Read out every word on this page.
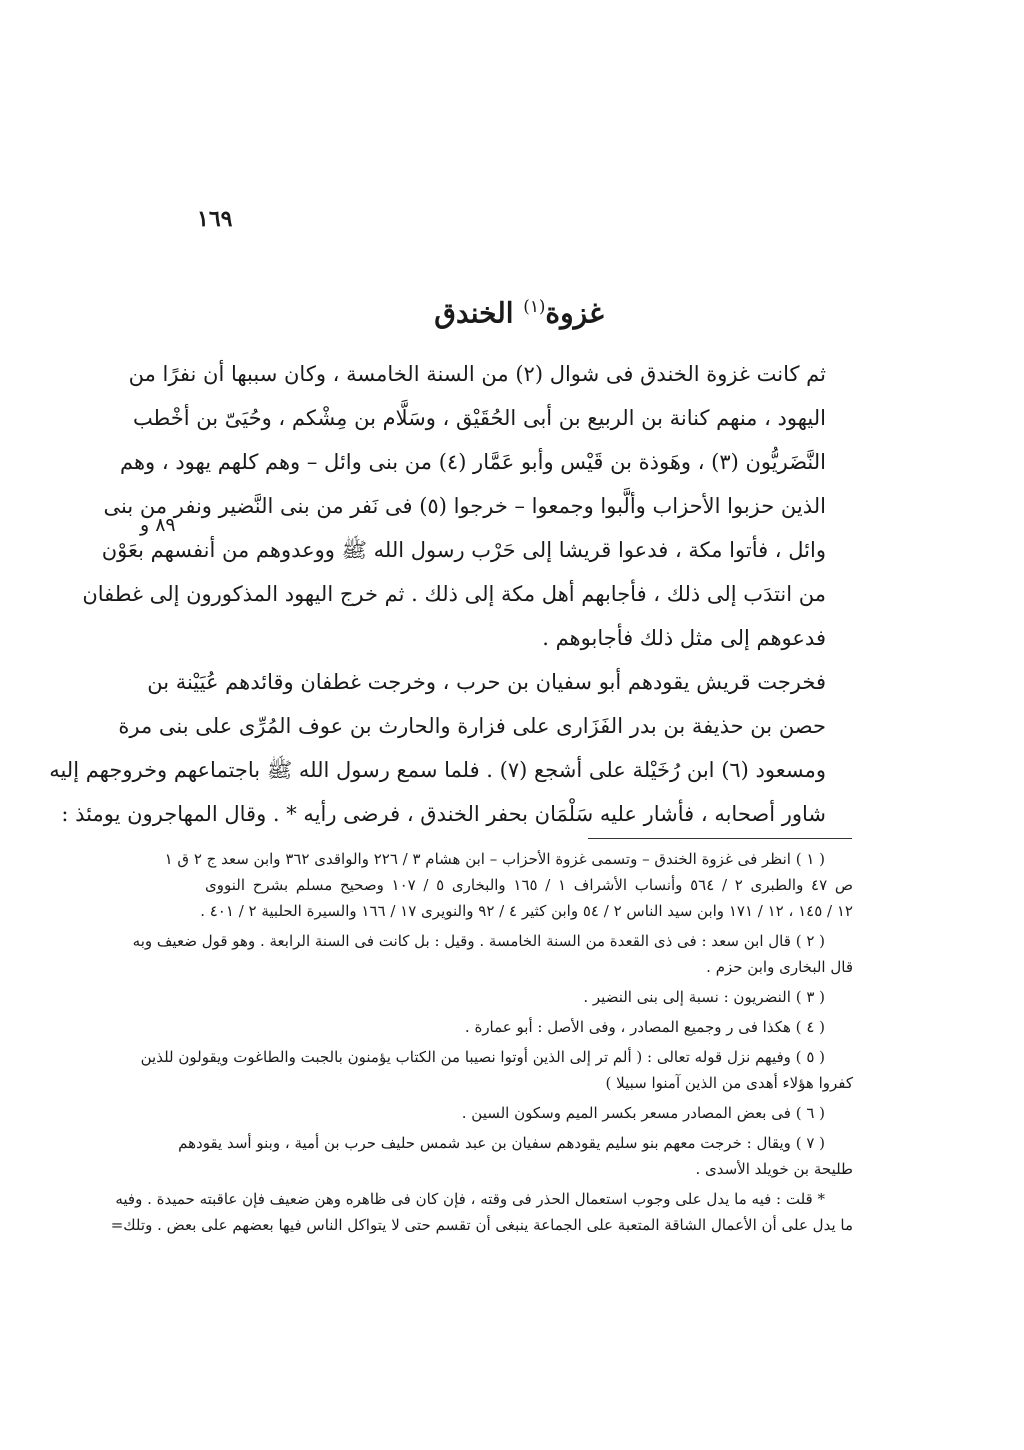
١٦٩
غزوة$^{(١)}$ الخندق
٨٩ و

ثم كانت غزوة الخندق فى شوال (٢) من السنة الخامسة ، وكان سببها أن نفرًا من
اليهود ، منهم كنانة بن الربيع بن أبى الحُقَيْق ، وسَلَّام بن مِشْكم ، وحُيَىّ بن أخْطب
النَّضَريُّون (٣) ، وهَوذة بن قَيْس وأبو عَمَّار (٤) من بنى وائل – وهم كلهم يهود ، وهم
الذين حزبوا الأحزاب وألَّبوا وجمعوا – خرجوا (٥) فى نَفر من بنى النَّضير ونفر من بنى
وائل ، فأتوا مكة ، فدعوا قريشا إلى حَرْب رسول الله ﷺ ووعدوهم من أنفسهم بعَوْن
من انتدَب إلى ذلك ، فأجابهم أهل مكة إلى ذلك . ثم خرج اليهود المذكورون إلى غطفان
فدعوهم إلى مثل ذلك فأجابوهم .

فخرجت قريش يقودهم أبو سفيان بن حرب ، وخرجت غطفان وقائدهم عُيَيْنة بن
حصن بن حذيفة بن بدر الفَزَارى على فزارة والحارث بن عوف المُرِّى على بنى مرة
ومسعود (٦) ابن رُخَيْلة على أشجع (٧) . فلما سمع رسول الله ﷺ باجتماعهم وخروجهم إليه
شاور أصحابه ، فأشار عليه سَلْمَان بحفر الخندق ، فرضى رأيه * . وقال المهاجرون يومئذ :

( ١ ) انظر فى غزوة الخندق – وتسمى غزوة الأحزاب – ابن هشام ٣ / ٢٢٦ والواقدى ٣٦٢ وابن سعد ج ٢ ق ١
ص ٤٧ والطبرى ٢ / ٥٦٤ وأنساب الأشراف ١ / ١٦٥ والبخارى ٥ / ١٠٧ وصحيح مسلم بشرح النووى
١٢ / ١٤٥ ، ١٢ / ١٧١ وابن سيد الناس ٢ / ٥٤ وابن كثير ٤ / ٩٢ والنويرى ١٧ / ١٦٦ والسيرة الحلبية ٢ / ٤٠١ .

( ٢ ) قال ابن سعد : فى ذى القعدة من السنة الخامسة . وقيل : بل كانت فى السنة الرابعة . وهو قول ضعيف وبه
قال البخارى وابن حزم .

( ٣ ) النضريون : نسبة إلى بنى النضير .

( ٤ ) هكذا فى ر وجميع المصادر ، وفى الأصل : أبو عمارة .

( ٥ ) وفيهم نزل قوله تعالى : ( ألم تر إلى الذين أوتوا نصيبا من الكتاب يؤمنون بالجبت والطاغوت ويقولون للذين
كفروا هؤلاء أهدى من الذين آمنوا سبيلا )

( ٦ ) فى بعض المصادر مسعر بكسر الميم وسكون السين .

( ٧ ) ويقال : خرجت معهم بنو سليم يقودهم سفيان بن عبد شمس حليف حرب بن أمية ، وبنو أسد يقودهم
طليحة بن خويلد الأسدى .

* قلت : فيه ما يدل على وجوب استعمال الحذر فى وقته ، فإن كان فى ظاهره وهن ضعيف فإن عاقبته حميدة . وفيه
ما يدل على أن الأعمال الشاقة المتعبة على الجماعة ينبغى أن تقسم حتى لا يتواكل الناس فيها بعضهم على بعض . وتلك=
